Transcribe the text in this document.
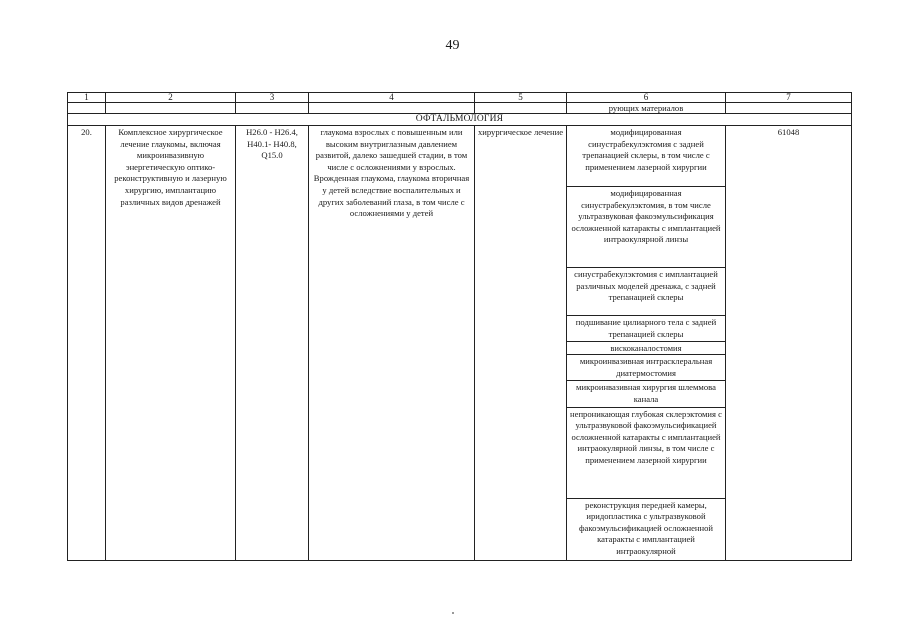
49
1	2	3	4	5	6	7
					рующих материалов	
ОФТАЛЬМОЛОГИЯ						
20.	Комплексное хирургическое лечение глаукомы, включая микроинвазивную энергетическую оптико-реконструктивную и лазерную хирургию, имплантацию различных видов дренажей	H26.0 - H26.4, H40.1- H40.8, Q15.0	глаукома взрослых с повышенным или высоким внутриглазным давлением развитой, далеко зашедшей стадии, в том числе с осложнениями у взрослых. Врожденная глаукома, глаукома вторичная у детей вследствие воспалительных и других заболеваний глаза, в том числе с осложнениями у детей	хирургическое лечение	модифицированная синустрабекулэктомия с задней трепанацией склеры, в том числе с применением лазерной хирургии	61048
					модифицированная синустрабекулэктомия, в том числе ультразвуковая факоэмульсификация осложненной катаракты с имплантацией интраокулярной линзы	
					синустрабекулэктомия с имплантацией различных моделей дренажа, с задней трепанацией склеры	
					подшивание цилиарного тела с задней трепанацией склеры	
					вискоканалостомия	
					микроинвазивная интрасклеральная диатермостомия	
					микроинвазивная хирургия шлеммова канала	
					непроникающая глубокая склерэктомия с ультразвуковой факоэмульсификацией осложненной катаракты с имплантацией интраокулярной линзы, в том числе с применением лазерной хирургии	
					реконструкция передней камеры, иридопластика с ультразвуковой факоэмульсификацией осложненной катаракты с имплантацией интраокулярной	
